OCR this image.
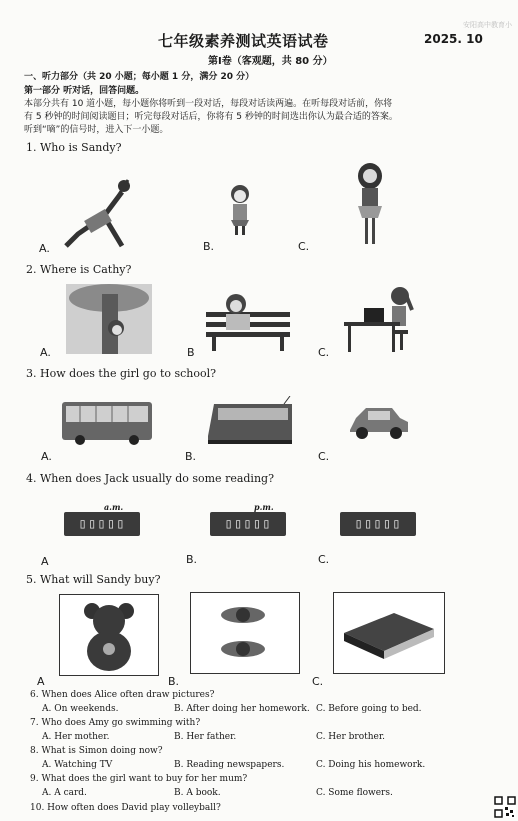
安阳高中教育小
七年级素养测试英语试卷	2025. 10
第Ⅰ卷（客观题，共 80 分）
一、听力部分（共 20 小题；每小题 1 分，满分 20 分）
第一部分 听对话，回答问题。
本部分共有 10 道小题，每小题你将听到一段对话，每段对话读两遍。在听每段对话前，你将
有 5 秒钟的时间阅读题目；听完每段对话后，你将有 5 秒钟的时间选出你认为最合适的答案。
听到“嘀”的信号时，进入下一小题。
1. Who is Sandy?
A.	B.	C.
2. Where is Cathy?
A.	B	C.
3. How does the girl go to school?
A.	B.	C.
4. When does Jack usually do some reading?
a.m.
▯▯▯▯▯
p.m.
▯▯▯▯▯	▯▯▯▯▯
A	B.	C.
5. What will Sandy buy?
A	B.	C.
6. When does Alice often draw pictures?
A. On weekends.	B. After doing her homework. C. Before going to bed.
7. Who does Amy go swimming with?
A. Her mother.	B. Her father.	C. Her brother.
8. What is Simon doing now?
A. Watching TV	B. Reading newspapers.	C. Doing his homework.
9. What does the girl want to buy for her mum?
A. A card.	B. A book.	C. Some flowers.
10. How often does David play volleyball?
